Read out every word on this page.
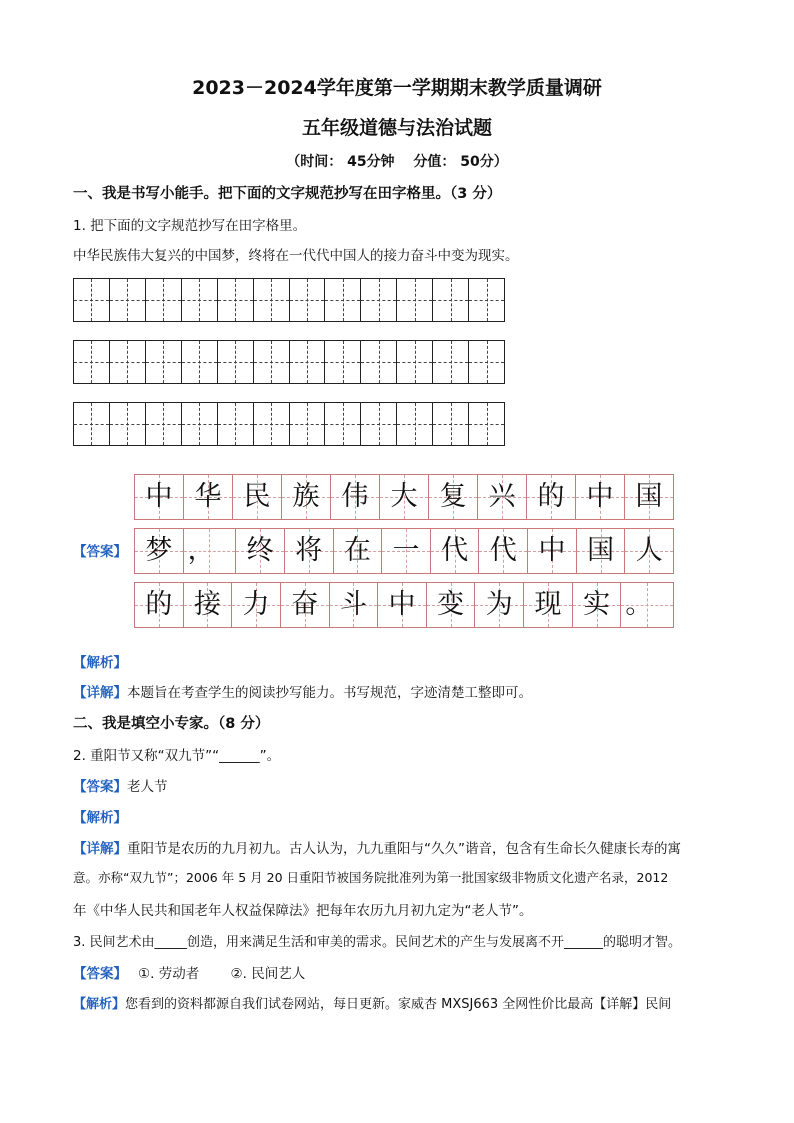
2023－2024学年度第一学期期末教学质量调研
五年级道德与法治试题
（时间： 45分钟　 分值： 50分）
一、我是书写小能手。把下面的文字规范抄写在田字格里。（3 分）
1. 把下面的文字规范抄写在田字格里。
中华民族伟大复兴的中国梦，终将在一代代中国人的接力奋斗中变为现实。
【答案】
中 华 民 族 伟 大 复 兴 的 中 国
梦 ，	终 将 在 一 代 代 中 国 人
的 接 力 奋 斗 中 变 为 现 实 。
【解析】
【详解】本题旨在考查学生的阅读抄写能力。书写规范，字迹清楚工整即可。
二、我是填空小专家。（8 分）
2. 重阳节又称“双九节”“______”。
【答案】老人节
【解析】
【详解】重阳节是农历的九月初九。古人认为，九九重阳与“久久”谐音，包含有生命长久健康长寿的寓
意。亦称“双九节”；2006 年 5 月 20 日重阳节被国务院批准列为第一批国家级非物质文化遗产名录，2012
年《中华人民共和国老年人权益保障法》把每年农历九月初九定为“老人节”。
3. 民间艺术由_____创造，用来满足生活和审美的需求。民间艺术的产生与发展离不开______的聪明才智。
【答案】　 ①. 劳动者　　 ②. 民间艺人
【解析】您看到的资料都源自我们试卷网站，每日更新。家威杏 MXSJ663 全网性价比最高【详解】民间
